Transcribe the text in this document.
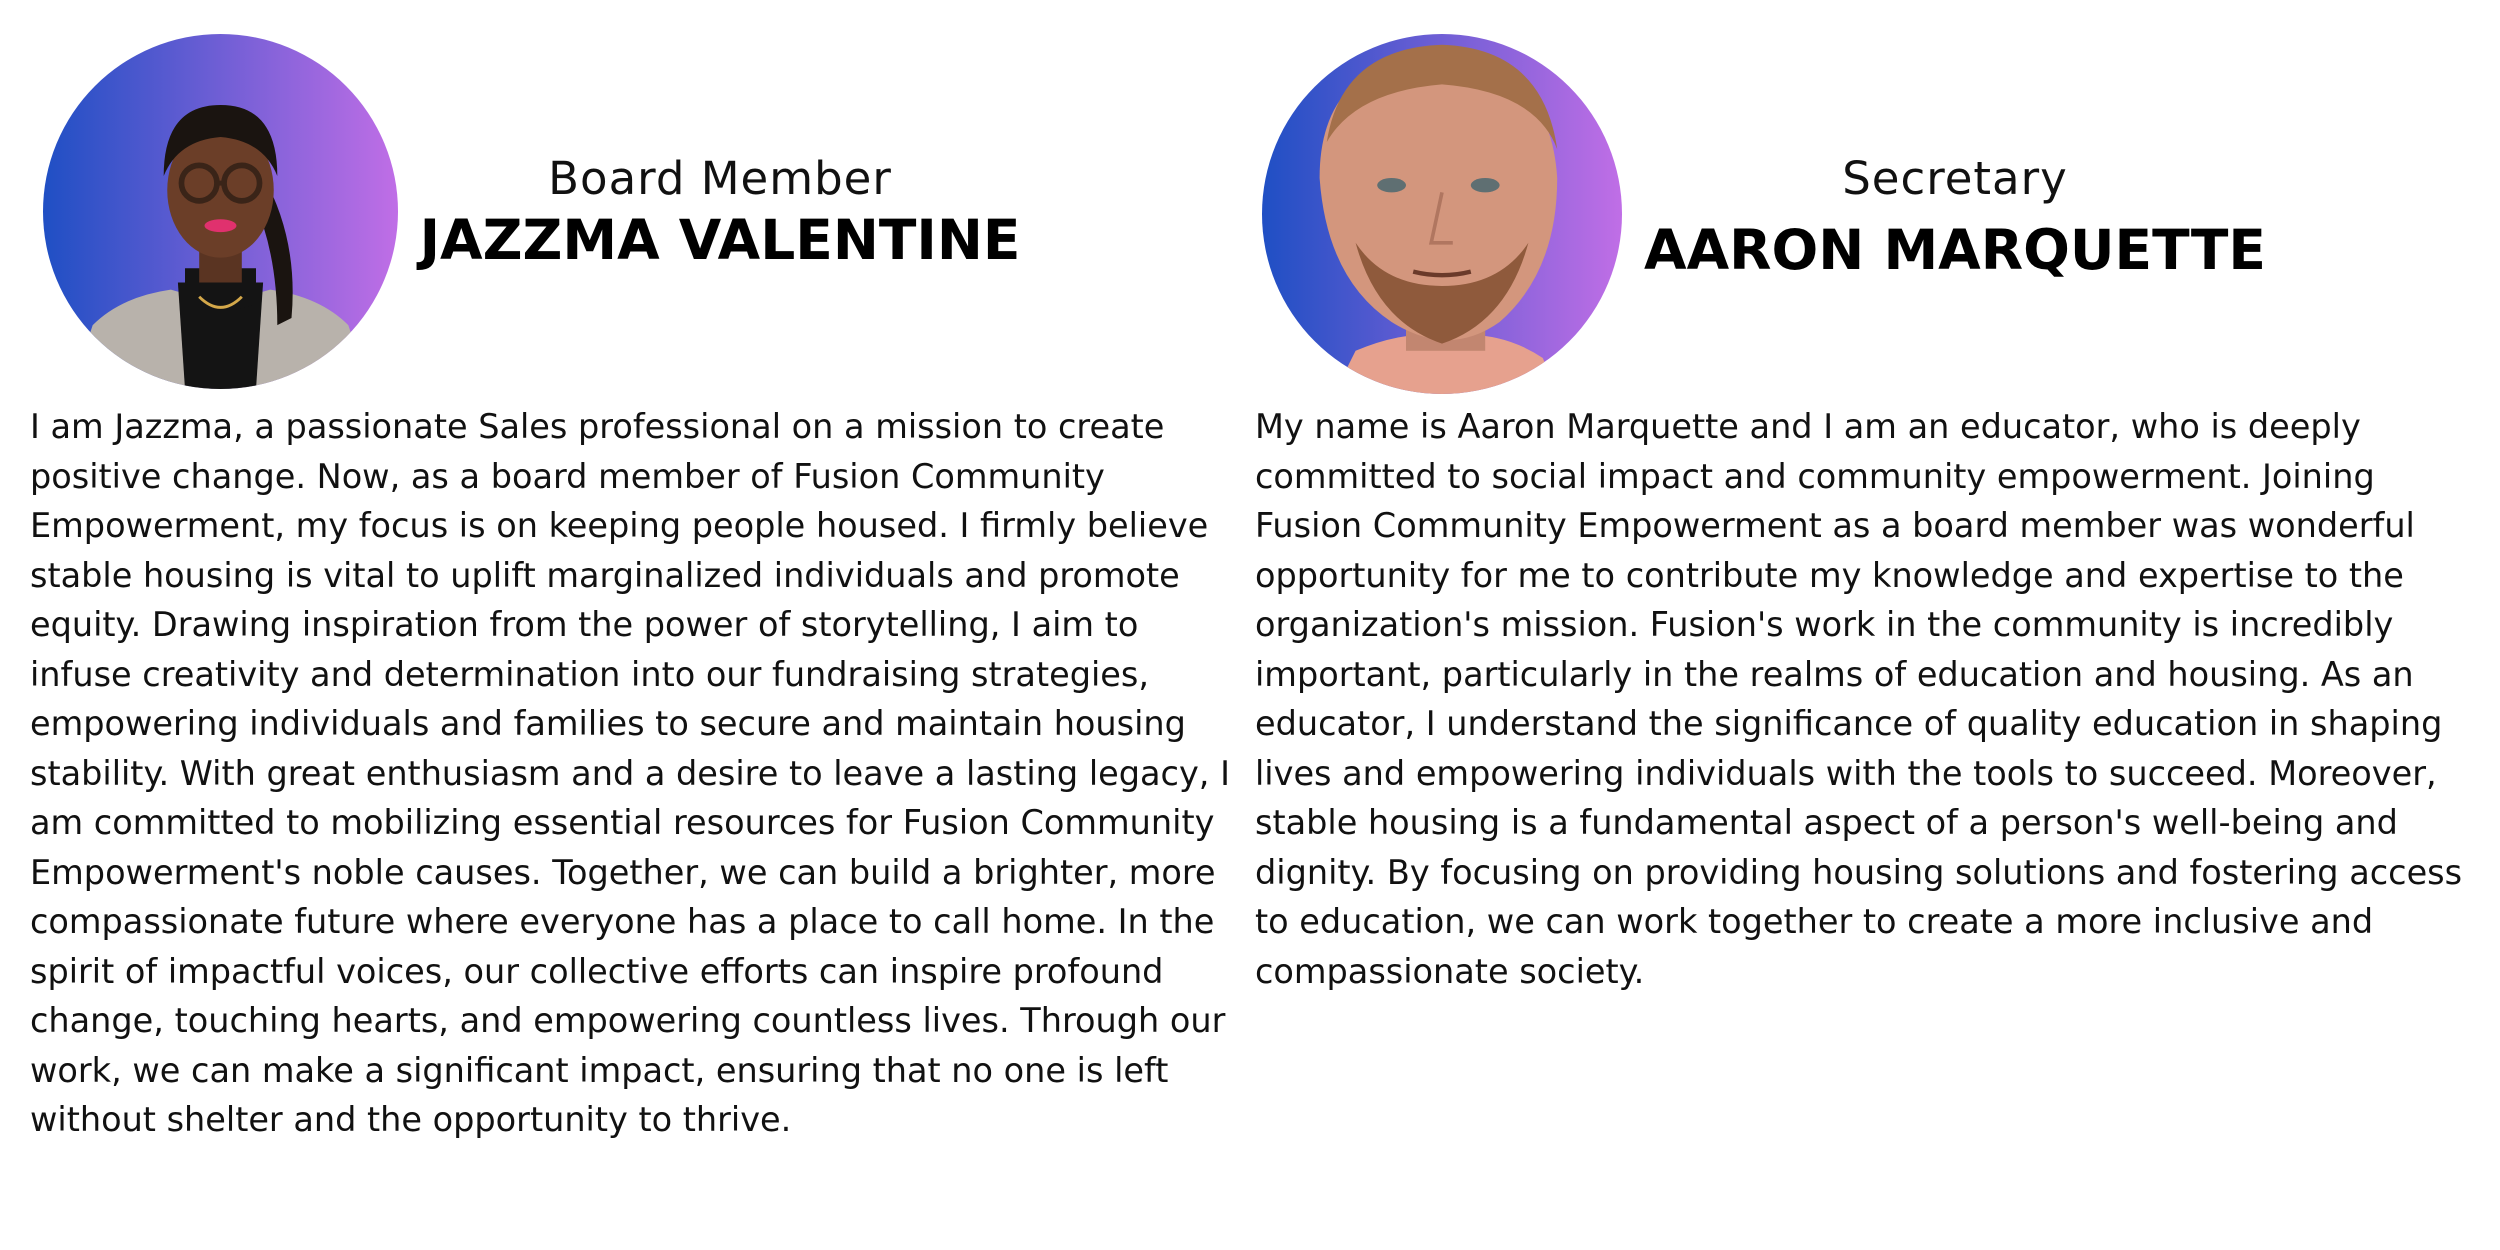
Board Member
JAZZMA VALENTINE

I am Jazzma, a passionate Sales professional on a mission to create positive change. Now, as a board member of Fusion Community Empowerment, my focus is on keeping people housed. I firmly believe stable housing is vital to uplift marginalized individuals and promote equity. Drawing inspiration from the power of storytelling, I aim to infuse creativity and determination into our fundraising strategies, empowering individuals and families to secure and maintain housing stability. With great enthusiasm and a desire to leave a lasting legacy, I am committed to mobilizing essential resources for Fusion Community Empowerment's noble causes. Together, we can build a brighter, more compassionate future where everyone has a place to call home. In the spirit of impactful voices, our collective efforts can inspire profound change, touching hearts, and empowering countless lives. Through our work, we can make a significant impact, ensuring that no one is left without shelter and the opportunity to thrive.

Secretary
AARON MARQUETTE

My name is Aaron Marquette and I am an educator, who is deeply committed to social impact and community empowerment. Joining Fusion Community Empowerment as a board member was wonderful opportunity for me to contribute my knowledge and expertise to the organization's mission. Fusion's work in the community is incredibly important, particularly in the realms of education and housing. As an educator, I understand the significance of quality education in shaping lives and empowering individuals with the tools to succeed. Moreover, stable housing is a fundamental aspect of a person's well-being and dignity. By focusing on providing housing solutions and fostering access to education, we can work together to create a more inclusive and compassionate society.
